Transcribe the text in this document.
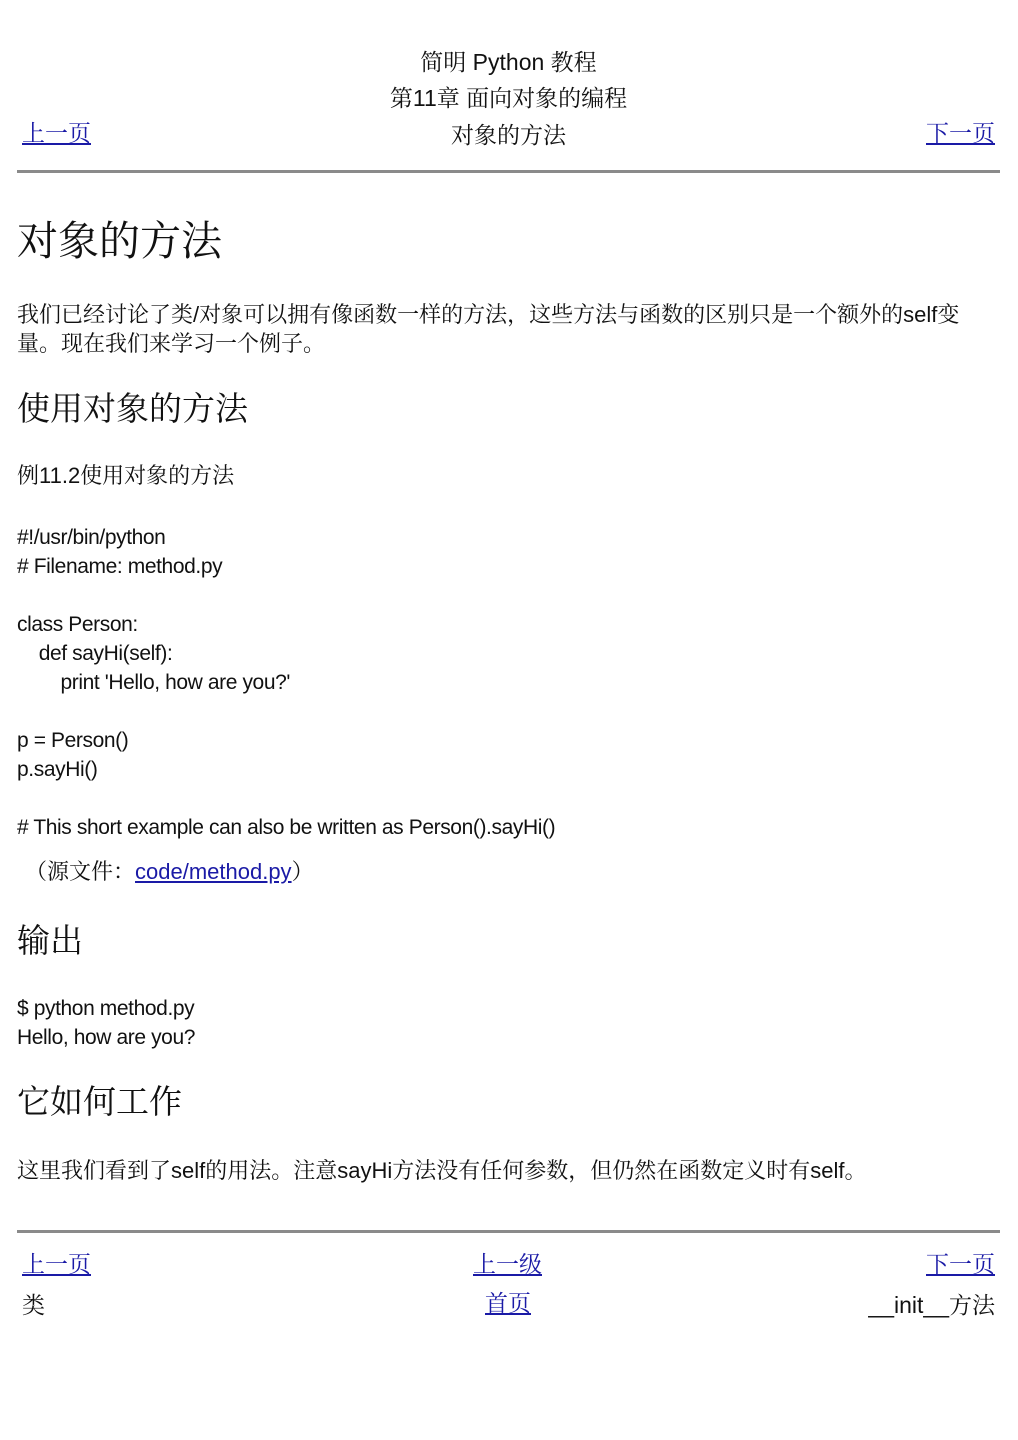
简明 Python 教程
第11章 面向对象的编程
对象的方法
上一页	下一页
对象的方法

我们已经讨论了类/对象可以拥有像函数一样的方法，这些方法与函数的区别只是一个额外的self变量。现在我们来学习一个例子。

使用对象的方法

例11.2使用对象的方法

#!/usr/bin/python
# Filename: method.py

class Person:
def sayHi(self):
print 'Hello, how are you?'

p = Person()
p.sayHi()

# This short example can also be written as Person().sayHi()
（源文件：code/method.py）
输出
$ python method.py
Hello, how are you?
它如何工作

这里我们看到了self的用法。注意sayHi方法没有任何参数，但仍然在函数定义时有self。

上一页	上一级	下一页
类	首页	__init__方法
